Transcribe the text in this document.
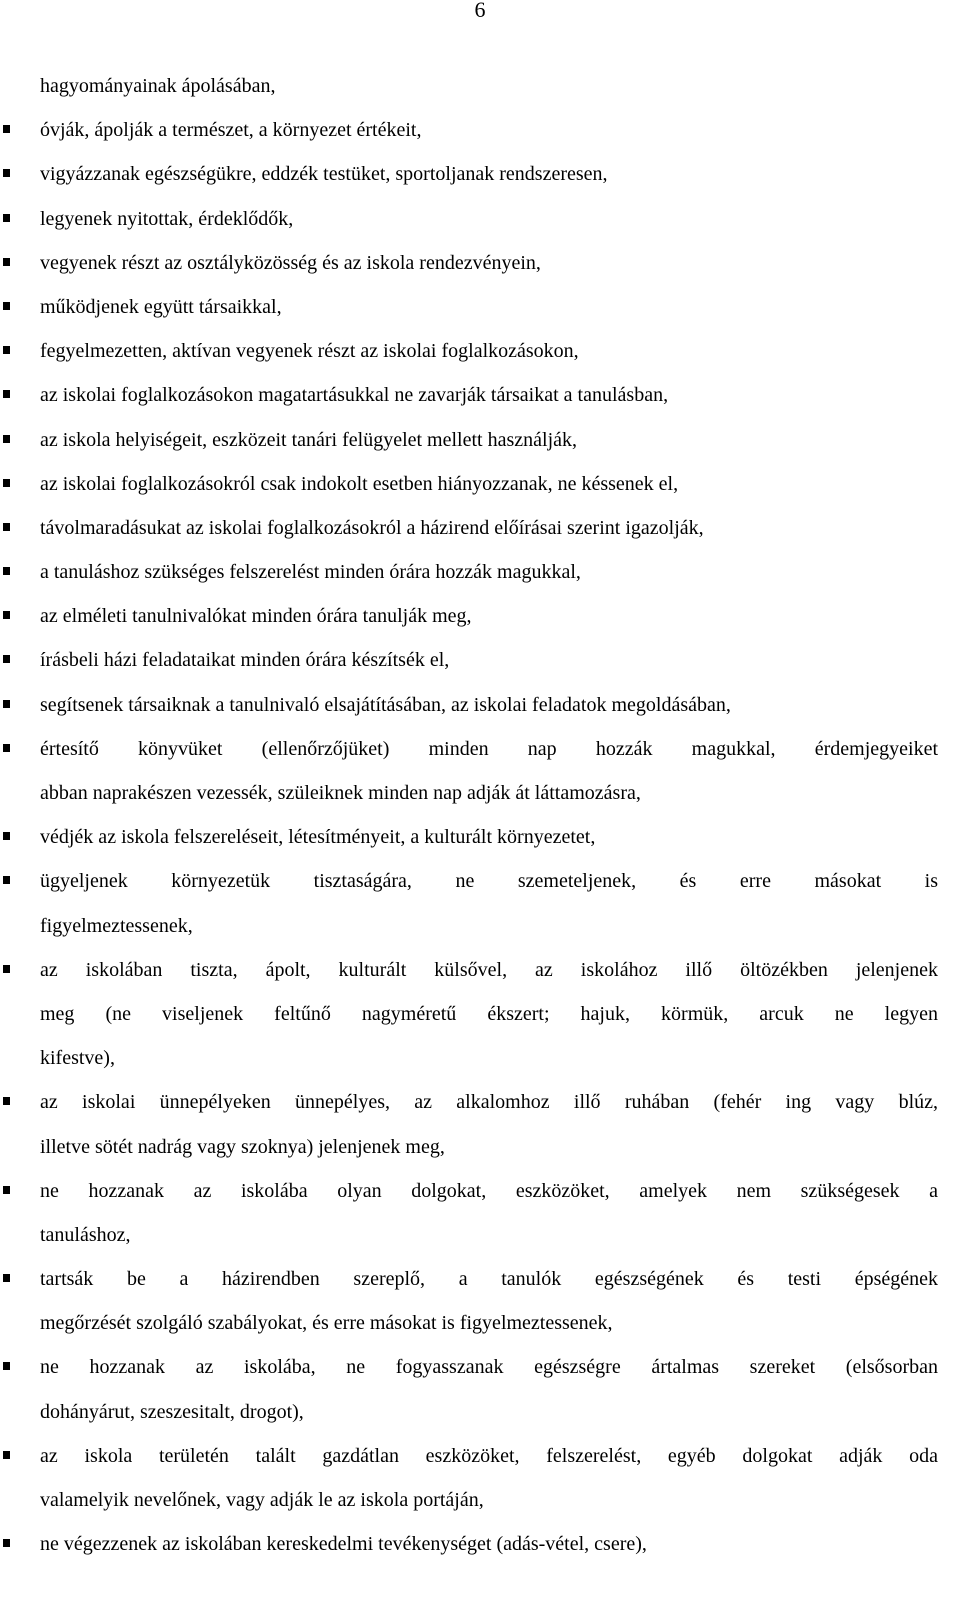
6
hagyományainak ápolásában,
óvják, ápolják a természet, a környezet értékeit,
vigyázzanak egészségükre, eddzék testüket, sportoljanak rendszeresen,
legyenek nyitottak, érdeklődők,
vegyenek részt az osztályközösség és az iskola rendezvényein,
működjenek együtt társaikkal,
fegyelmezetten, aktívan vegyenek részt az iskolai foglalkozásokon,
az iskolai foglalkozásokon magatartásukkal ne zavarják társaikat a tanulásban,
az iskola helyiségeit, eszközeit tanári felügyelet mellett használják,
az iskolai foglalkozásokról csak indokolt esetben hiányozzanak, ne késsenek el,
távolmaradásukat az iskolai foglalkozásokról a házirend előírásai szerint igazolják,
a tanuláshoz szükséges felszerelést minden órára hozzák magukkal,
az elméleti tanulnivalókat minden órára tanulják meg,
írásbeli házi feladataikat minden órára készítsék el,
segítsenek társaiknak a tanulnivaló elsajátításában, az iskolai feladatok megoldásában,
értesítő könyvüket (ellenőrzőjüket) minden nap hozzák magukkal, érdemjegyeiket
abban naprakészen vezessék, szüleiknek minden nap adják át láttamozásra,
védjék az iskola felszereléseit, létesítményeit, a kulturált környezetet,
ügyeljenek környezetük tisztaságára, ne szemeteljenek, és erre másokat is
figyelmeztessenek,
az iskolában tiszta, ápolt, kulturált külsővel, az iskolához illő öltözékben jelenjenek
meg (ne viseljenek feltűnő nagyméretű ékszert; hajuk, körmük, arcuk ne legyen
kifestve),
az iskolai ünnepélyeken ünnepélyes, az alkalomhoz illő ruhában (fehér ing vagy blúz,
illetve sötét nadrág vagy szoknya) jelenjenek meg,
ne hozzanak az iskolába olyan dolgokat, eszközöket, amelyek nem szükségesek a
tanuláshoz,
tartsák be a házirendben szereplő, a tanulók egészségének és testi épségének
megőrzését szolgáló szabályokat, és erre másokat is figyelmeztessenek,
ne hozzanak az iskolába, ne fogyasszanak egészségre ártalmas szereket (elsősorban
dohányárut, szeszesitalt, drogot),
az iskola területén talált gazdátlan eszközöket, felszerelést, egyéb dolgokat adják oda
valamelyik nevelőnek, vagy adják le az iskola portáján,
ne végezzenek az iskolában kereskedelmi tevékenységet (adás-vétel, csere),
